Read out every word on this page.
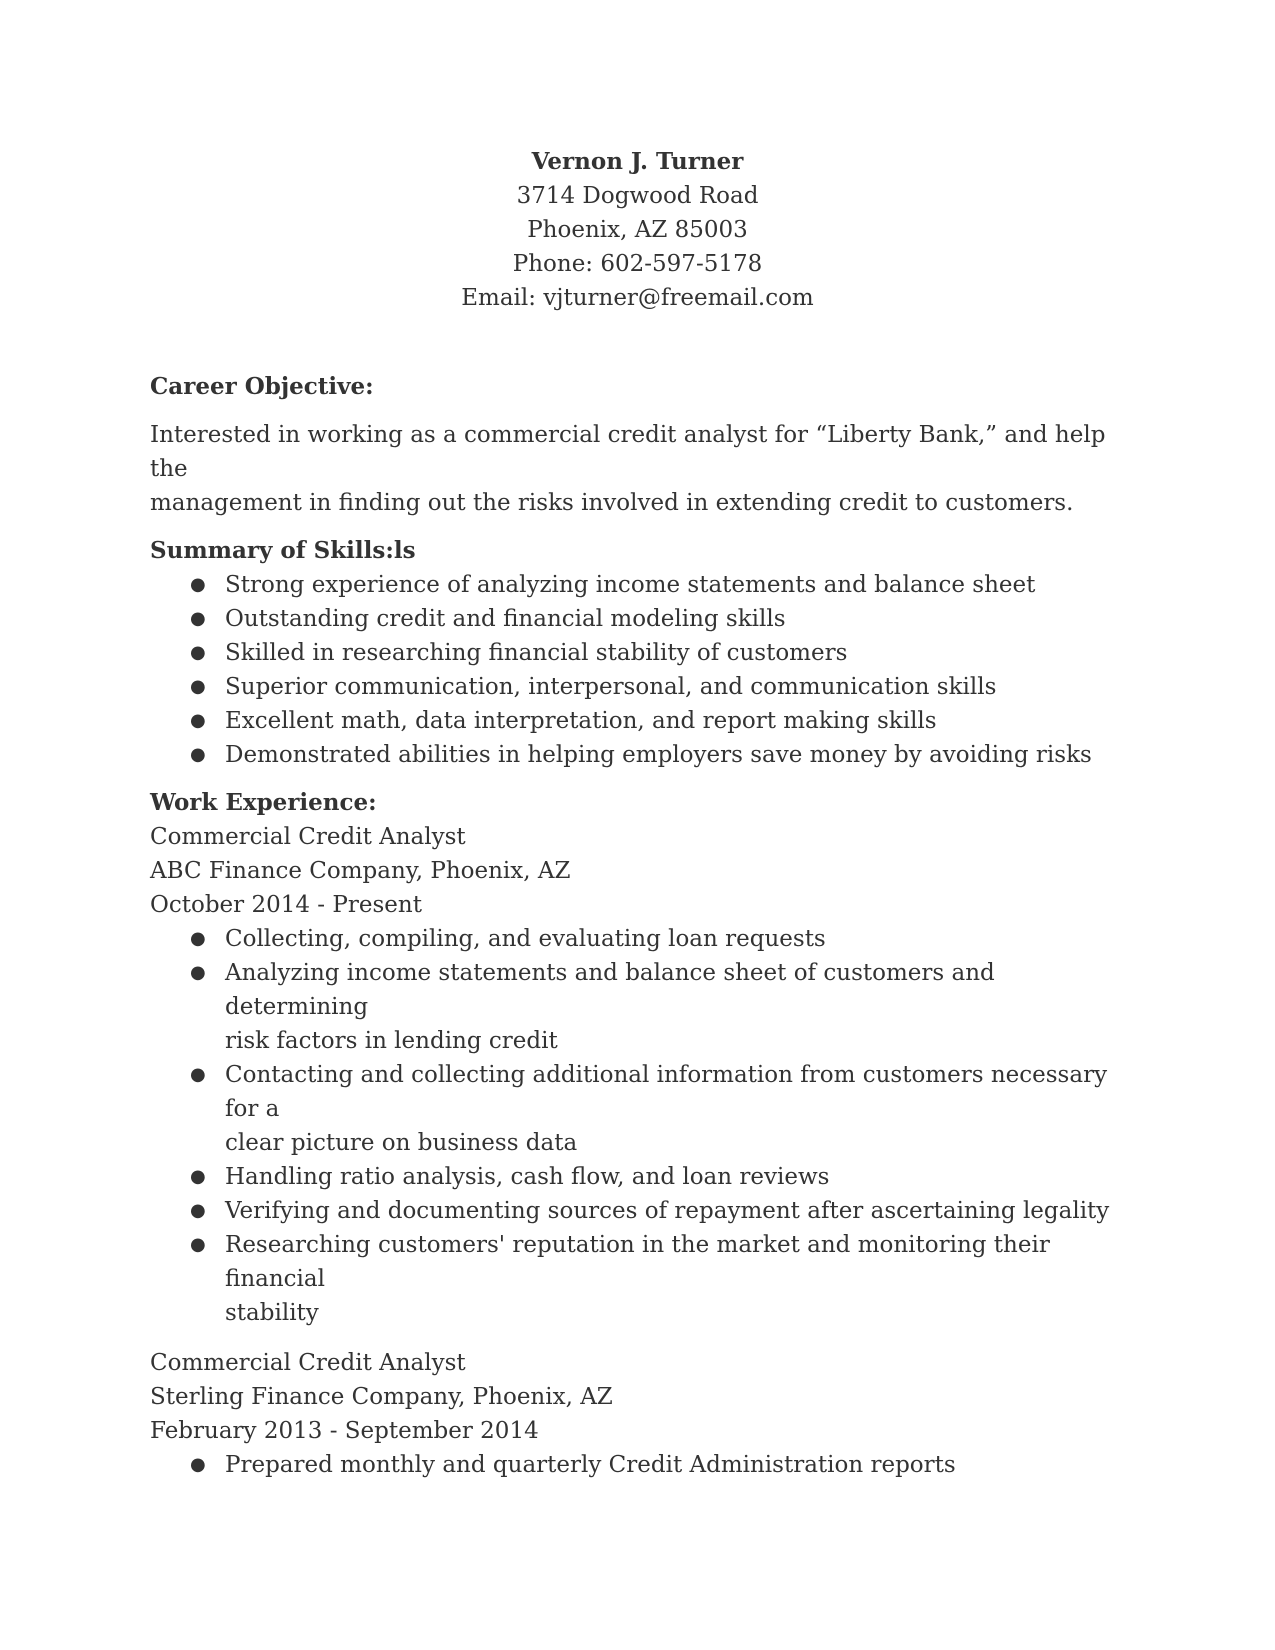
Vernon J. Turner
3714 Dogwood Road
Phoenix, AZ 85003
Phone: 602-597-5178
Email: vjturner@freemail.com
Career Objective:
Interested in working as a commercial credit analyst for “Liberty Bank,” and help the
management in finding out the risks involved in extending credit to customers.
Summary of Skills:ls
● Strong experience of analyzing income statements and balance sheet
● Outstanding credit and financial modeling skills
● Skilled in researching financial stability of customers
● Superior communication, interpersonal, and communication skills
● Excellent math, data interpretation, and report making skills
● Demonstrated abilities in helping employers save money by avoiding risks
Work Experience:
Commercial Credit Analyst
ABC Finance Company, Phoenix, AZ
October 2014 - Present
● Collecting, compiling, and evaluating loan requests
● Analyzing income statements and balance sheet of customers and determining
risk factors in lending credit
● Contacting and collecting additional information from customers necessary for a
clear picture on business data
● Handling ratio analysis, cash flow, and loan reviews
● Verifying and documenting sources of repayment after ascertaining legality
● Researching customers' reputation in the market and monitoring their financial
stability
Commercial Credit Analyst
Sterling Finance Company, Phoenix, AZ
February 2013 - September 2014
● Prepared monthly and quarterly Credit Administration reports
